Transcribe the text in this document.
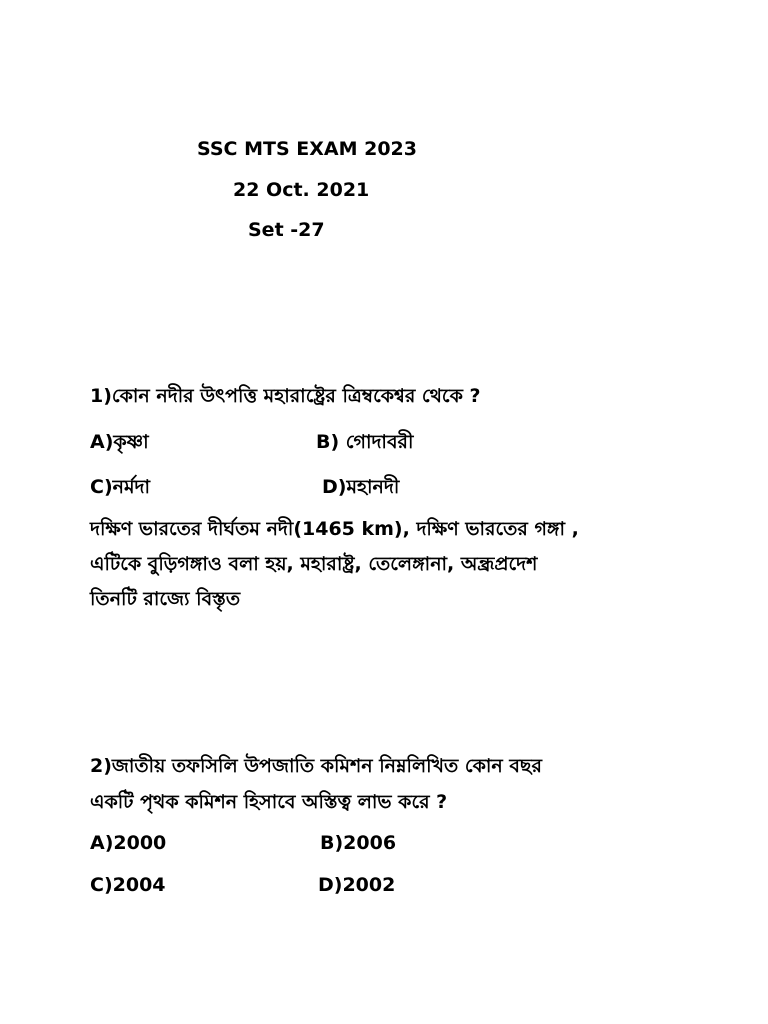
SSC MTS EXAM 2023
22 Oct. 2021
Set -27
1)কোন নদীর উৎপত্তি মহারাষ্ট্রের ত্রিম্বকেশ্বর থেকে ?
A)কৃষ্ণা	B) গোদাবরী
C)নর্মদা	D)মহানদী
দক্ষিণ ভারতের দীর্ঘতম নদী(1465 km), দক্ষিণ ভারতের গঙ্গা ,
এটিকে বুড়িগঙ্গাও বলা হয়, মহারাষ্ট্র, তেলেঙ্গানা, অন্ধ্রপ্রদেশ
তিনটি রাজ্যে বিস্তৃত
2)জাতীয় তফসিলি উপজাতি কমিশন নিম্নলিখিত কোন বছর
একটি পৃথক কমিশন হিসাবে অস্তিত্ব লাভ করে ?
A)2000	B)2006
C)2004	D)2002
